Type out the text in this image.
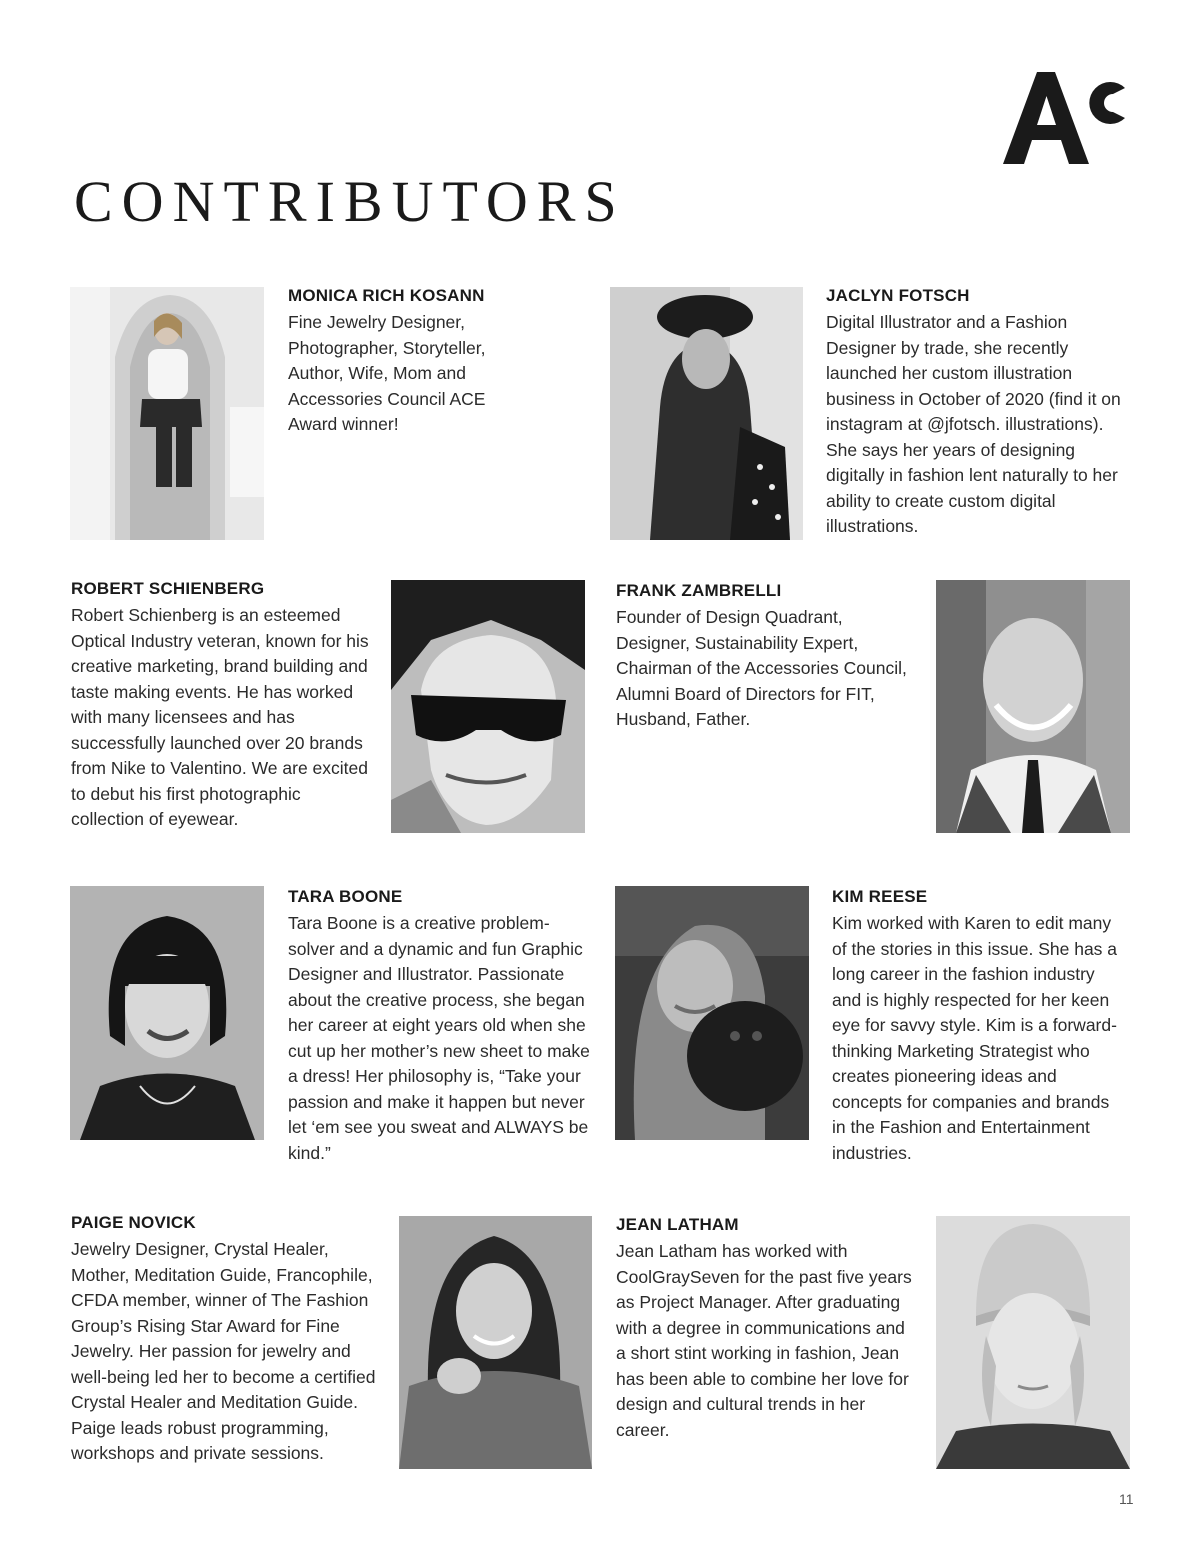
CONTRIBUTORS
MONICA RICH KOSANN
Fine Jewelry Designer, Photographer, Storyteller, Author, Wife, Mom and Accessories Council ACE Award winner!
JACLYN FOTSCH
Digital Illustrator and a Fashion Designer by trade, she recently launched her custom illustration business in October of 2020 (find it on instagram at @jfotsch. illustrations). She says her years of designing digitally in fashion lent naturally to her ability to create custom digital illustrations.
ROBERT SCHIENBERG
Robert Schienberg is an esteemed Optical Industry veteran, known for his creative marketing, brand building and taste making events. He has worked with many licensees and has successfully launched over 20 brands from Nike to Valentino. We are excited to debut his first photographic collection of eyewear.
FRANK ZAMBRELLI
Founder of Design Quadrant, Designer, Sustainability Expert, Chairman of the Accessories Council, Alumni Board of Directors for FIT, Husband, Father.
TARA BOONE
Tara Boone is a creative problem-solver and a dynamic and fun Graphic Designer and Illustrator. Passionate about the creative process, she began her career at eight years old when she cut up her mother’s new sheet to make a dress! Her philosophy is, “Take your passion and make it happen but never let ‘em see you sweat and ALWAYS be kind.”
KIM REESE
Kim worked with Karen to edit many of the stories in this issue. She has a long career in the fashion industry and is highly respected for her keen eye for savvy style. Kim is a forward-thinking Marketing Strategist who creates pioneering ideas and concepts for companies and brands in the Fashion and Entertainment industries.
PAIGE NOVICK
Jewelry Designer, Crystal Healer, Mother, Meditation Guide, Francophile, CFDA member, winner of The Fashion Group’s Rising Star Award for Fine Jewelry. Her passion for jewelry and well-being led her to become a certified Crystal Healer and Meditation Guide. Paige leads robust programming, workshops and private sessions.
JEAN LATHAM
Jean Latham has worked with CoolGraySeven for the past five years as Project Manager. After graduating with a degree in communications and a short stint working in fashion, Jean has been able to combine her love for design and cultural trends in her career.
11
